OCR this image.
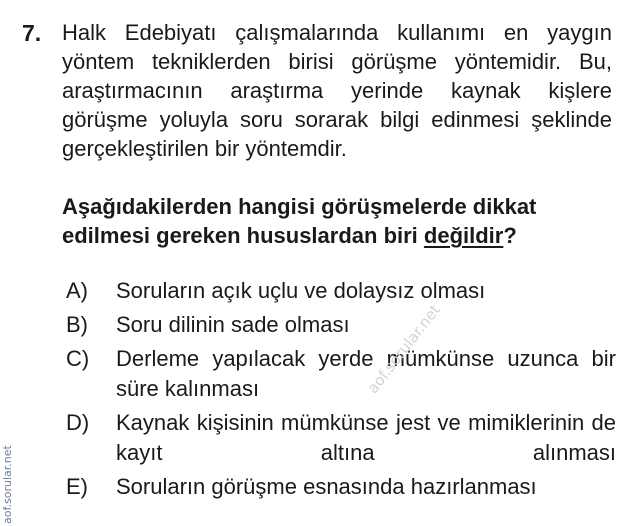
7. Halk Edebiyatı çalışmalarında kullanımı en yaygın yöntem tekniklerden birisi görüşme yöntemidir. Bu, araştırmacının araştırma yerinde kaynak kişlere görüşme yoluyla soru sorarak bilgi edinmesi şeklinde gerçekleştirilen bir yöntemdir.
Aşağıdakilerden hangisi görüşmelerde dikkat edilmesi gereken hususlardan biri değildir?
A)	Soruların açık uçlu ve dolaysız olması
B)	Soru dilinin sade olması
C)	Derleme yapılacak yerde mümkünse uzunca bir süre kalınması
D)	Kaynak kişisinin mümkünse jest ve mimiklerinin de kayıt altına alınması
E)	Soruların görüşme esnasında hazırlanması
aof.sorular.net
aof.sorular.net
